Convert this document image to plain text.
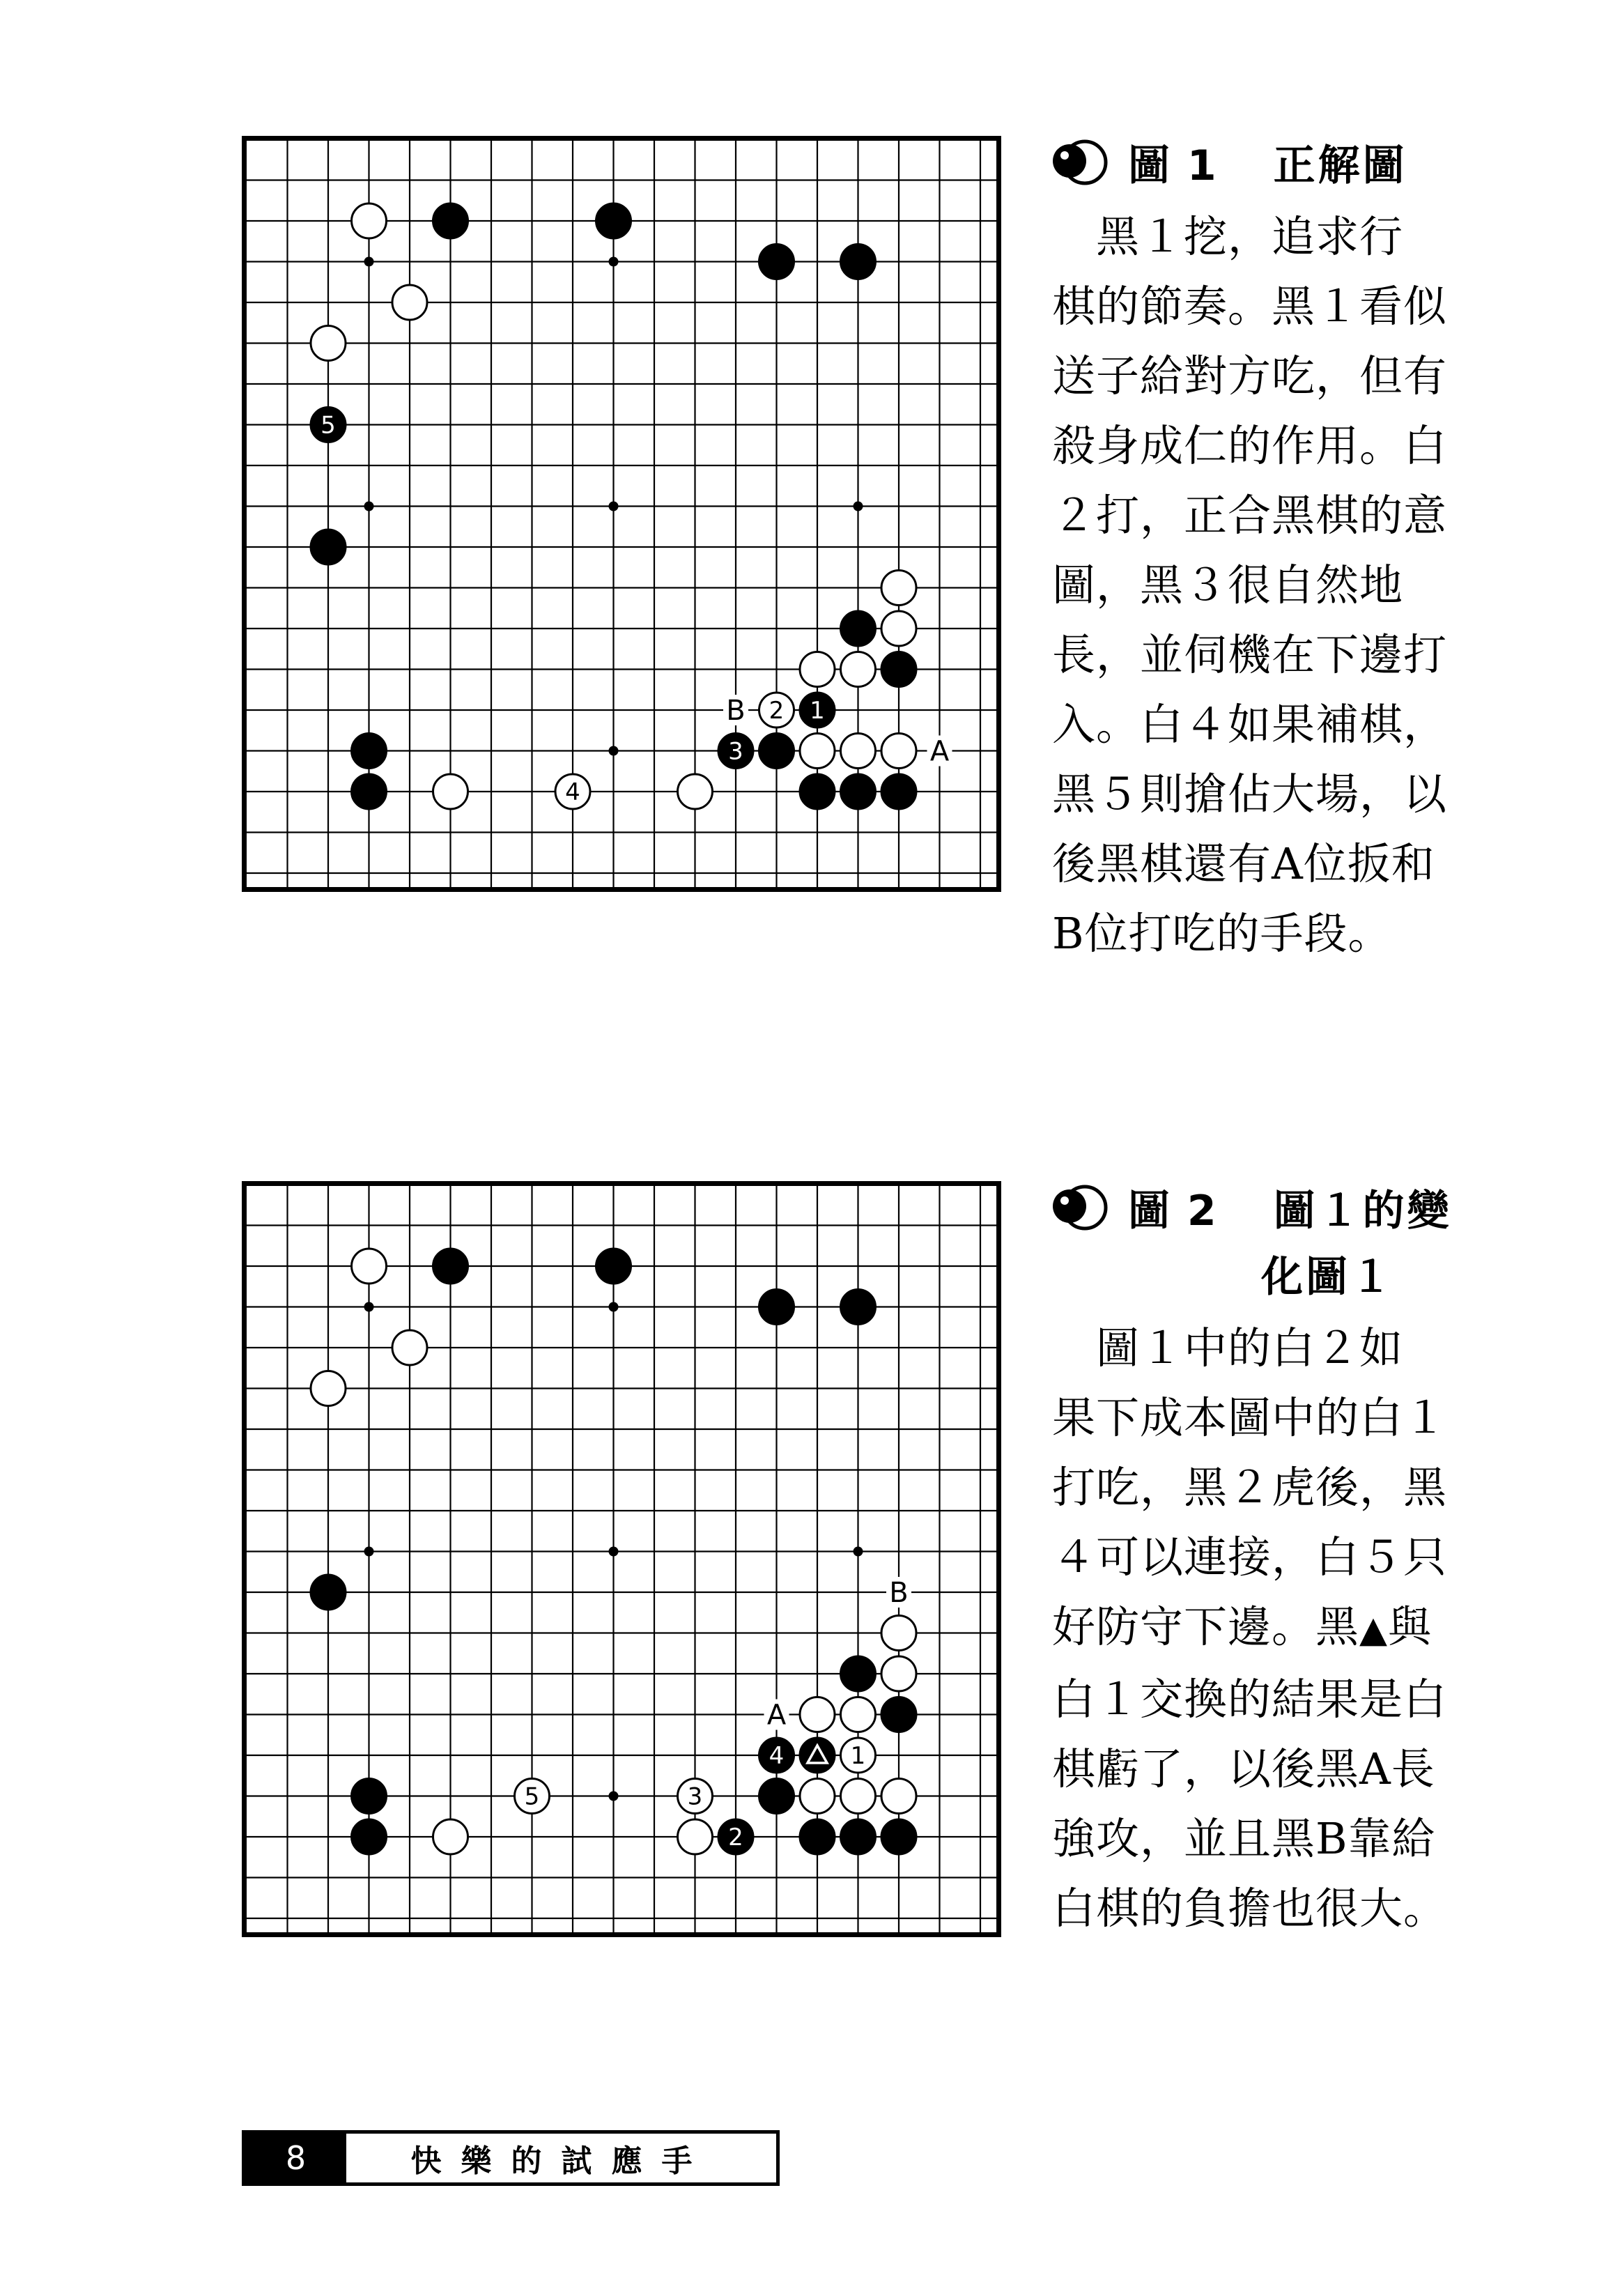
B
A
5
2 1
3
4
圖 1 正解圖

　黑１挖，追求行

棋的節奏。黑１看似

送子給對方吃，但有

殺身成仁的作用。白

２打，正合黑棋的意

圖，黑３很自然地

長，並伺機在下邊打

入。白４如果補棋，

黑５則搶佔大場，以

後黑棋還有A位扳和

B位打吃的手段。

B
A
4	1
5	3
2
圖 2 圖１的變
化圖１

　圖１中的白２如

果下成本圖中的白１

打吃，黑２虎後，黑

４可以連接，白５只

好防守下邊。黑▲與

白１交換的結果是白

棋虧了，以後黑A長

強攻，並且黑B靠給

白棋的負擔也很大。

8	快樂的試應手
